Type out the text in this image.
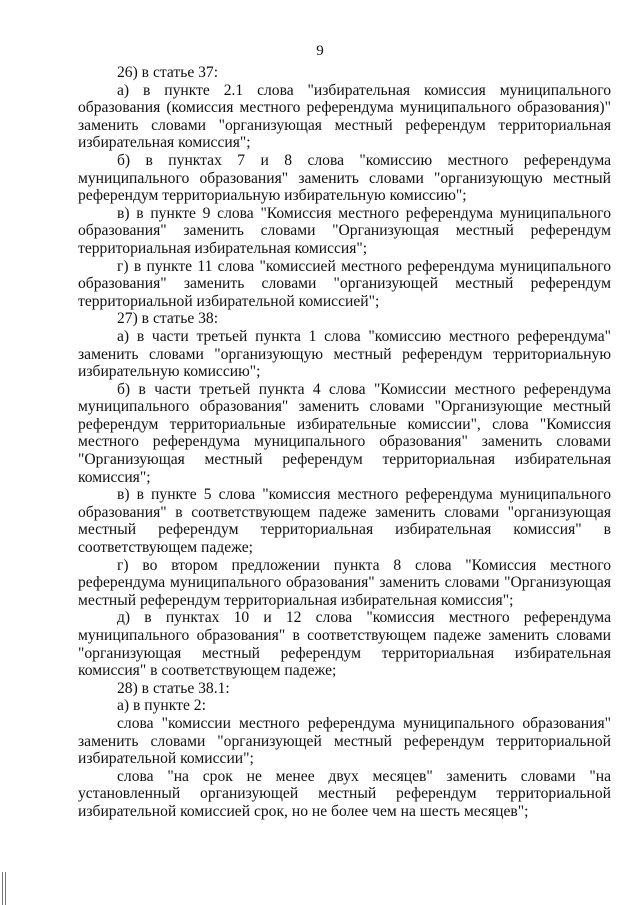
9

26) в статье 37:

а) в пункте 2.1 слова "избирательная комиссия муниципального образования (комиссия местного референдума муниципального образования)" заменить словами "организующая местный референдум территориальная избирательная комиссия";

б) в пунктах 7 и 8 слова "комиссию местного референдума муниципального образования" заменить словами "организующую местный референдум территориальную избирательную комиссию";

в) в пункте 9 слова "Комиссия местного референдума муниципального образования" заменить словами "Организующая местный референдум территориальная избирательная комиссия";

г) в пункте 11 слова "комиссией местного референдума муниципального образования" заменить словами "организующей местный референдум территориальной избирательной комиссией";

27) в статье 38:

а) в части третьей пункта 1 слова "комиссию местного референдума" заменить словами "организующую местный референдум территориальную избирательную комиссию";

б) в части третьей пункта 4 слова "Комиссии местного референдума муниципального образования" заменить словами "Организующие местный референдум территориальные избирательные комиссии", слова "Комиссия местного референдума муниципального образования" заменить словами "Организующая местный референдум территориальная избирательная комиссия";

в) в пункте 5 слова "комиссия местного референдума муниципального образования" в соответствующем падеже заменить словами "организующая местный референдум территориальная избирательная комиссия" в соответствующем падеже;

г) во втором предложении пункта 8 слова "Комиссия местного референдума муниципального образования" заменить словами "Организующая местный референдум территориальная избирательная комиссия";

д) в пунктах 10 и 12 слова "комиссия местного референдума муниципального образования" в соответствующем падеже заменить словами "организующая местный референдум территориальная избирательная комиссия" в соответствующем падеже;

28) в статье 38.1:

а) в пункте 2:

слова "комиссии местного референдума муниципального образования" заменить словами "организующей местный референдум территориальной избирательной комиссии";

слова "на срок не менее двух месяцев" заменить словами "на установленный организующей местный референдум территориальной избирательной комиссией срок, но не более чем на шесть месяцев";
